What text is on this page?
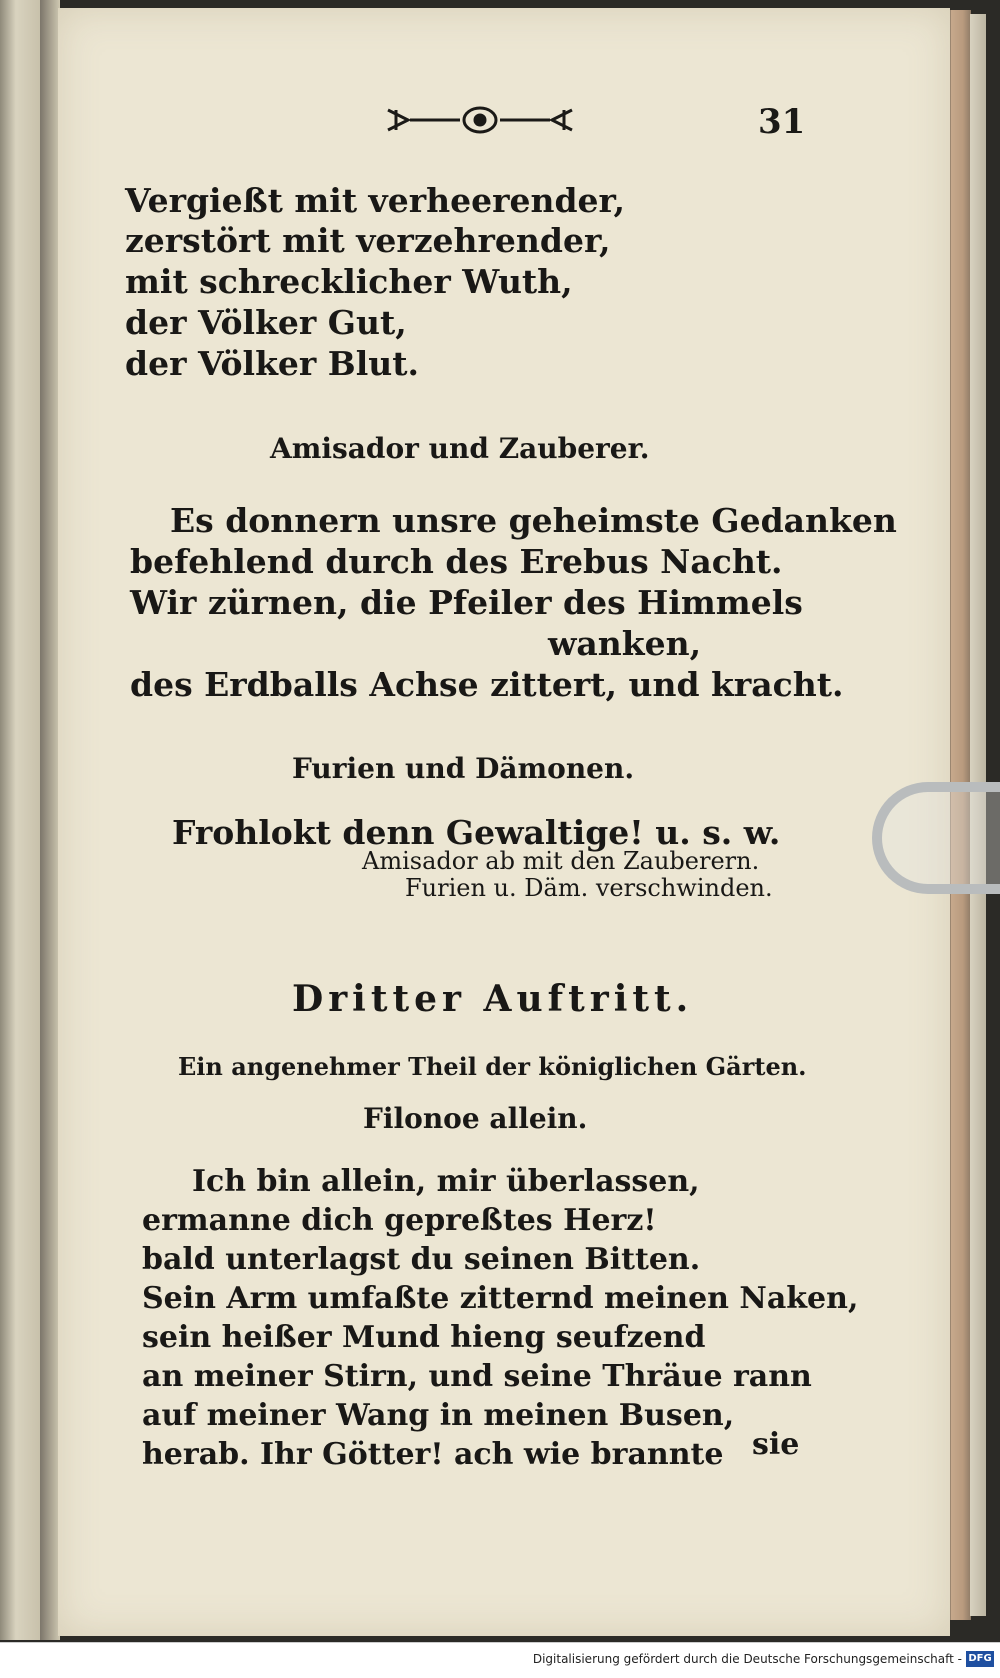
31
Vergießt mit verheerender,
zerstört mit verzehrender,
mit schrecklicher Wuth,
der Völker Gut,
der Völker Blut.
Amisador und Zauberer.
Es donnern unsre geheimste Gedanken
befehlend durch des Erebus Nacht.
Wir zürnen, die Pfeiler des Himmels
wanken,
des Erdballs Achse zittert, und kracht.
Furien und Dämonen.
Frohlokt denn Gewaltige! u. s. w.
Amisador ab mit den Zauberern.
Furien u. Däm. verschwinden.
Dritter Auftritt.
Ein angenehmer Theil der königlichen Gärten.
Filonoe allein.
Ich bin allein, mir überlassen,
ermanne dich gepreßtes Herz!
bald unterlagst du seinen Bitten.
Sein Arm umfaßte zitternd meinen Naken,
sein heißer Mund hieng seufzend
an meiner Stirn, und seine Thräue rann
auf meiner Wang in meinen Busen,
herab. Ihr Götter! ach wie brannte sie
Digitalisierung gefördert durch die Deutsche Forschungsgemeinschaft - DFG
